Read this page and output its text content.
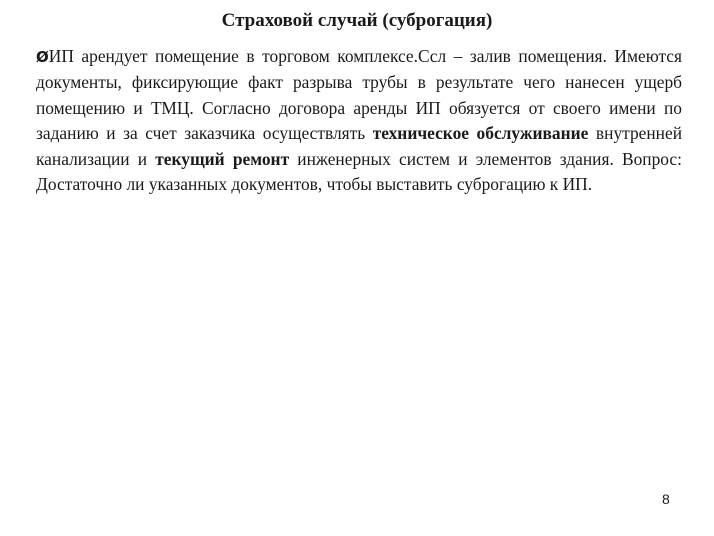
Страховой случай (суброгация)

ØИП арендует помещение в торговом комплексе.Ссл – залив помещения. Имеются документы, фиксирующие факт разрыва трубы в результате чего нанесен ущерб помещению и ТМЦ. Согласно договора аренды ИП обязуется от своего имени по заданию и за счет заказчика осуществлять техническое обслуживание внутренней канализации и текущий ремонт инженерных систем и элементов здания. Вопрос: Достаточно ли указанных документов, чтобы выставить суброгацию к ИП.

8
